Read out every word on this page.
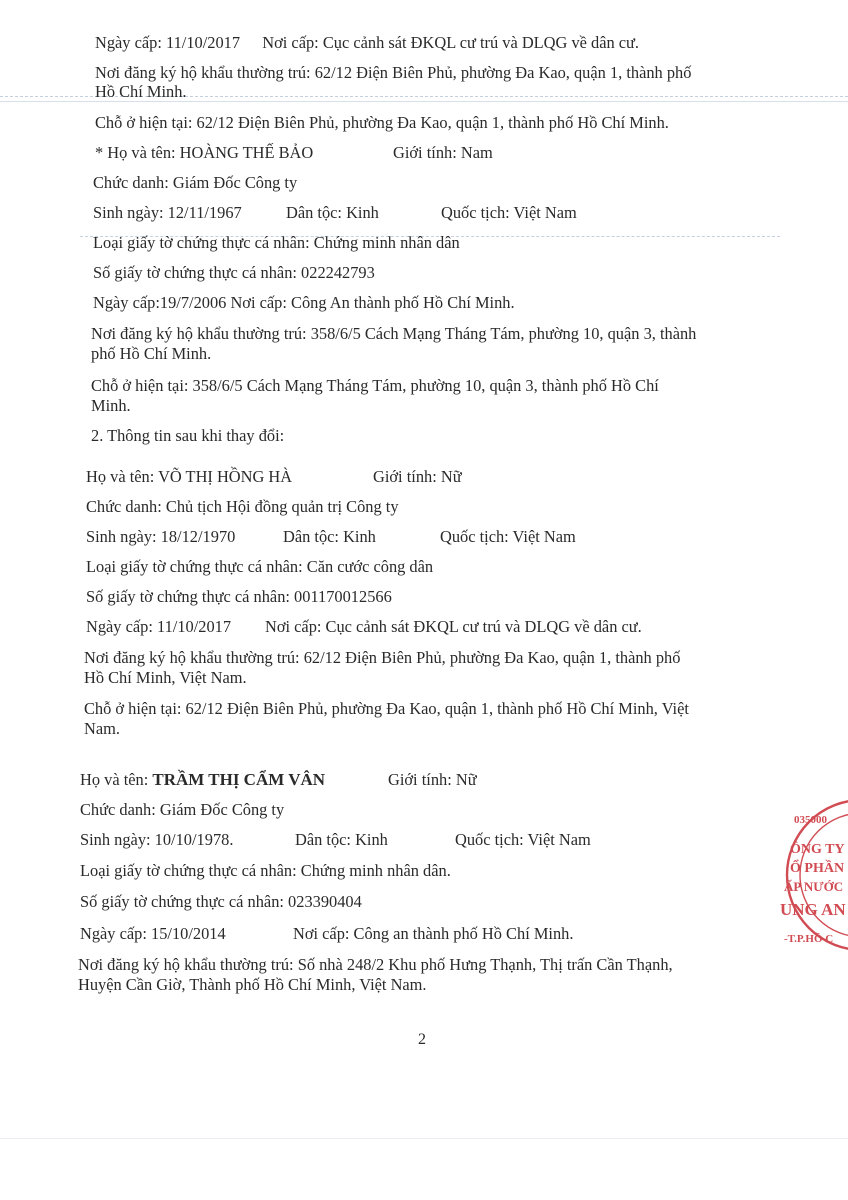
Ngày cấp: 11/10/2017 Nơi cấp: Cục cảnh sát ĐKQL cư trú và DLQG về dân cư.
Nơi đăng ký hộ khẩu thường trú: 62/12 Điện Biên Phủ, phường Đa Kao, quận 1, thành phố
Hồ Chí Minh.
Chỗ ở hiện tại: 62/12 Điện Biên Phủ, phường Đa Kao, quận 1, thành phố Hồ Chí Minh.
* Họ và tên: HOÀNG THẾ BẢO	Giới tính: Nam
Chức danh: Giám Đốc Công ty
Sinh ngày: 12/11/1967	Dân tộc: Kinh	Quốc tịch: Việt Nam
Loại giấy tờ chứng thực cá nhân: Chứng minh nhân dân
Số giấy tờ chứng thực cá nhân: 022242793
Ngày cấp:19/7/2006 Nơi cấp: Công An thành phố Hồ Chí Minh.
Nơi đăng ký hộ khẩu thường trú: 358/6/5 Cách Mạng Tháng Tám, phường 10, quận 3, thành
phố Hồ Chí Minh.
Chỗ ở hiện tại: 358/6/5 Cách Mạng Tháng Tám, phường 10, quận 3, thành phố Hồ Chí
Minh.
2. Thông tin sau khi thay đổi:
Họ và tên: VÕ THỊ HỒNG HÀ	Giới tính: Nữ
Chức danh: Chủ tịch Hội đồng quản trị Công ty
Sinh ngày: 18/12/1970	Dân tộc: Kinh	Quốc tịch: Việt Nam
Loại giấy tờ chứng thực cá nhân: Căn cước công dân
Số giấy tờ chứng thực cá nhân: 001170012566
Ngày cấp: 11/10/2017 Nơi cấp: Cục cảnh sát ĐKQL cư trú và DLQG về dân cư.
Nơi đăng ký hộ khẩu thường trú: 62/12 Điện Biên Phủ, phường Đa Kao, quận 1, thành phố
Hồ Chí Minh, Việt Nam.
Chỗ ở hiện tại: 62/12 Điện Biên Phủ, phường Đa Kao, quận 1, thành phố Hồ Chí Minh, Việt
Nam.
Họ và tên: TRẦM THỊ CẨM VÂN	Giới tính: Nữ
Chức danh: Giám Đốc Công ty
Sinh ngày: 10/10/1978.	Dân tộc: Kinh	Quốc tịch: Việt Nam
Loại giấy tờ chứng thực cá nhân: Chứng minh nhân dân.
Số giấy tờ chứng thực cá nhân: 023390404
Ngày cấp: 15/10/2014	Nơi cấp: Công an thành phố Hồ Chí Minh.
Nơi đăng ký hộ khẩu thường trú: Số nhà 248/2 Khu phố Hưng Thạnh, Thị trấn Cần Thạnh,
Huyện Cần Giờ, Thành phố Hồ Chí Minh, Việt Nam.
2
035000
ÔNG TY
Ổ PHẦN
ẤP NƯỚC
UNG AN
-T.P.HỒ C
